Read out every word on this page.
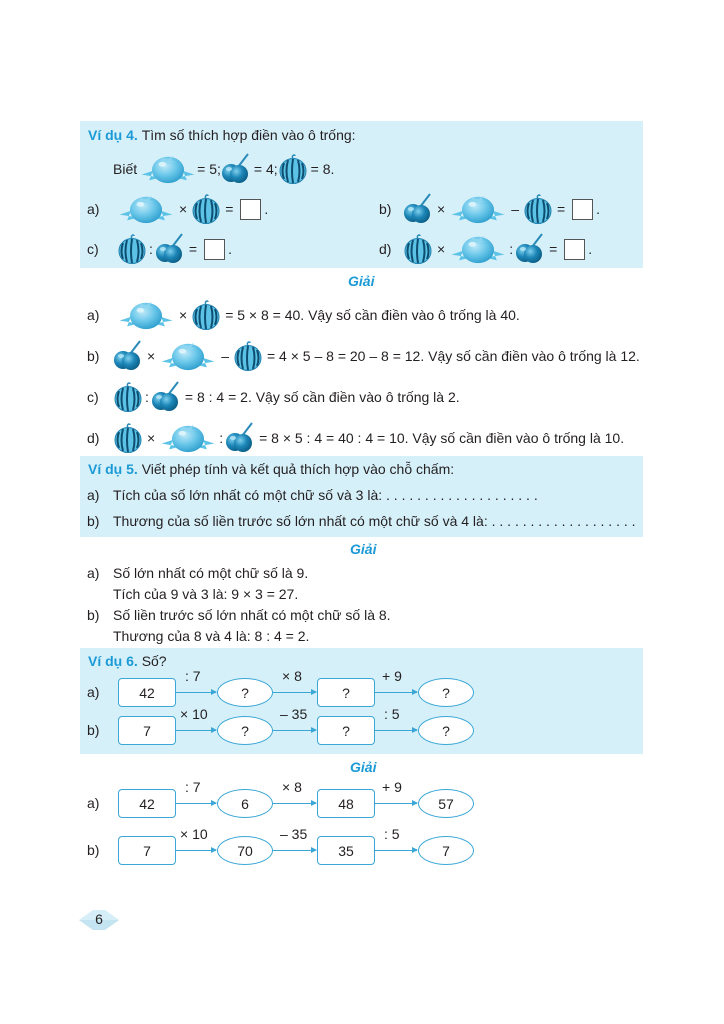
Ví dụ 4.
Tìm số thích hợp điền vào ô trống:
Biết	= 5; = 4; = 8.
a)	×	= .	b)	×	–	= .
c)	:	= .	d)	×	:	= .
Giải
a)	×	= 5 × 8 = 40. Vậy số cần điền vào ô trống là 40.
b)	×	–	= 4 × 5 – 8 = 20 – 8 = 12. Vậy số cần điền vào ô trống là 12.
c)	:	= 8 : 4 = 2. Vậy số cần điền vào ô trống là 2.
d)	×	:	= 8 × 5 : 4 = 40 : 4 = 10. Vậy số cần điền vào ô trống là 10.
Ví dụ 5.
Viết phép tính và kết quả thích hợp vào chỗ chấm:
a) Tích của số lớn nhất có một chữ số và 3 là: . . . . . . . . . . . . . . . . . . . .
b) Thương của số liền trước số lớn nhất có một chữ số và 4 là: . . . . . . . . . . . . . . . . . . .
Giải
a) Số lớn nhất có một chữ số là 9.
Tích của 9 và 3 là: 9 × 3 = 27.
b) Số liền trước số lớn nhất có một chữ số là 8.
Thương của 8 và 4 là: 8 : 4 = 2.
Ví dụ 6.
Số?
a)	42	?	?	?
: 7	× 8	+ 9
b)	7	?	?	?
× 10	– 35	: 5
a)	42	6	48	57
: 7	× 8	+ 9
b)	7	70	35	7
× 10	– 35	: 5
Giải
6
